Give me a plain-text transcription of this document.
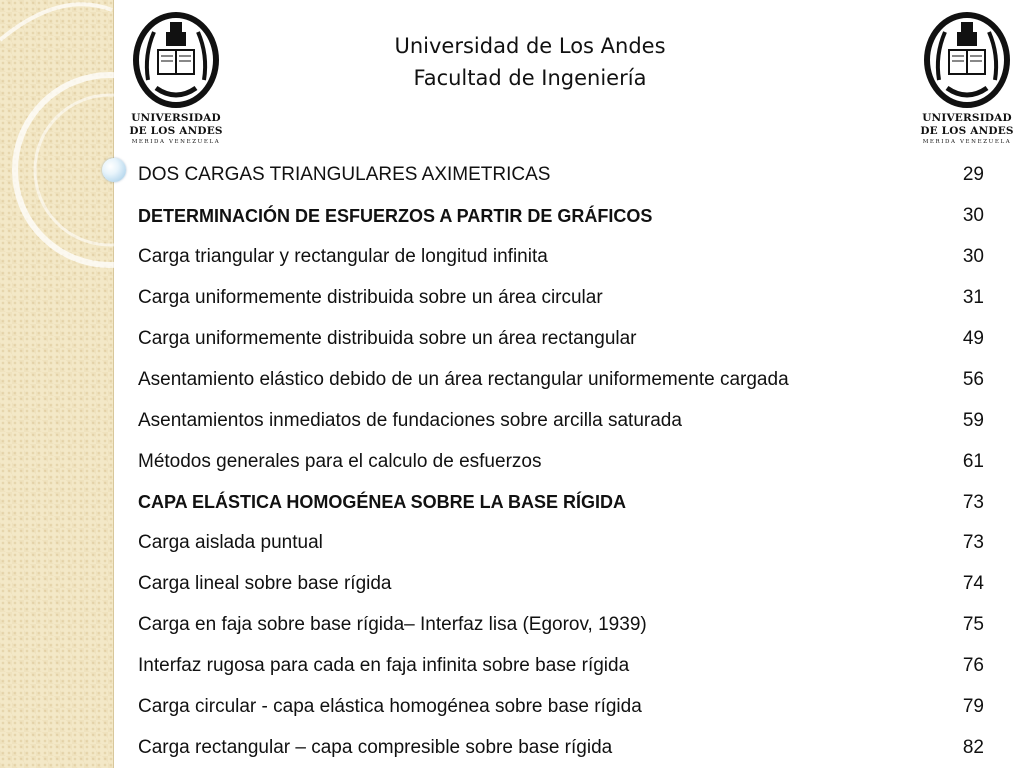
UNIVERSIDAD
DE LOS ANDES
MERIDA VENEZUELA
Universidad de Los Andes
Facultad de Ingeniería
UNIVERSIDAD
DE LOS ANDES
MERIDA VENEZUELA
DOS CARGAS TRIANGULARES AXIMETRICAS	29
DETERMINACIÓN DE ESFUERZOS A PARTIR DE GRÁFICOS	30
Carga triangular y rectangular de longitud infinita	30
Carga uniformemente distribuida sobre un área circular	31
Carga uniformemente distribuida sobre un área rectangular	49
Asentamiento elástico debido de un área rectangular uniformemente cargada	56
Asentamientos inmediatos de fundaciones sobre arcilla saturada	59
Métodos generales para el calculo de esfuerzos	61
CAPA ELÁSTICA HOMOGÉNEA SOBRE LA BASE RÍGIDA	73
Carga aislada puntual	73
Carga lineal sobre base rígida	74
Carga en faja sobre base rígida– Interfaz lisa (Egorov, 1939)	75
Interfaz rugosa para cada en faja infinita sobre base rígida	76
Carga circular - capa elástica homogénea sobre base rígida	79
Carga rectangular – capa compresible sobre base rígida	82
